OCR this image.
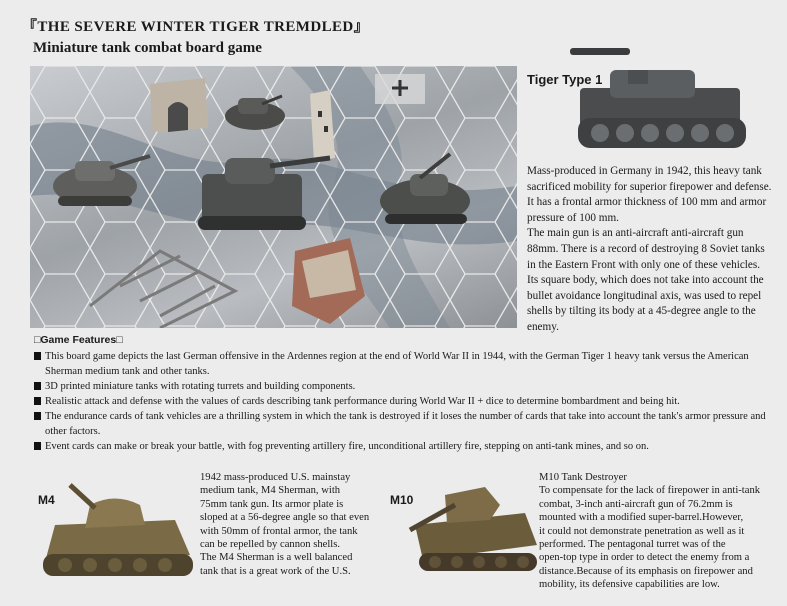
『THE SEVERE WINTER TIGER TREMDLED』
Miniature tank combat board game
Tiger Type 1

Mass-produced in Germany in 1942, this heavy tank sacrificed mobility for superior firepower and defense. It has a frontal armor thickness of 100 mm and armor pressure of 100 mm.

The main gun is an anti-aircraft anti-aircraft gun 88mm. There is a record of destroying 8 Soviet tanks in the Eastern Front with only one of these vehicles. Its square body, which does not take into account the bullet avoidance longitudinal axis, was used to repel shells by tilting its body at a 45-degree angle to the enemy.

□Game Features□

This board game depicts the last German offensive in the Ardennes region at the end of World War II in 1944, with the German Tiger 1 heavy tank versus the American Sherman medium tank and other tanks.

3D printed miniature tanks with rotating turrets and building components.

Realistic attack and defense with the values of cards describing tank performance during World War II + dice to determine bombardment and being hit.

The endurance cards of tank vehicles are a thrilling system in which the tank is destroyed if it loses the number of cards that take into account the tank's armor pressure and other factors.

Event cards can make or break your battle, with fog preventing artillery fire, unconditional artillery fire, stepping on anti-tank mines, and so on.

M4
1942 mass-produced U.S. mainstay
medium tank, M4 Sherman, with
75mm tank gun. Its armor plate is
sloped at a 56-degree angle so that even
with 50mm of frontal armor, the tank
can be repelled by cannon shells.
The M4 Sherman is a well balanced
tank that is a great work of the U.S.
M10
M10 Tank Destroyer
To compensate for the lack of firepower in anti-tank
combat, 3-inch anti-aircraft gun of 76.2mm is
mounted with a modified super-barrel.However,
it could not demonstrate penetration as well as it
performed. The pentagonal turret was of the
open-top type in order to detect the enemy from a
distance.Because of its emphasis on firepower and
mobility, its defensive capabilities are low.
